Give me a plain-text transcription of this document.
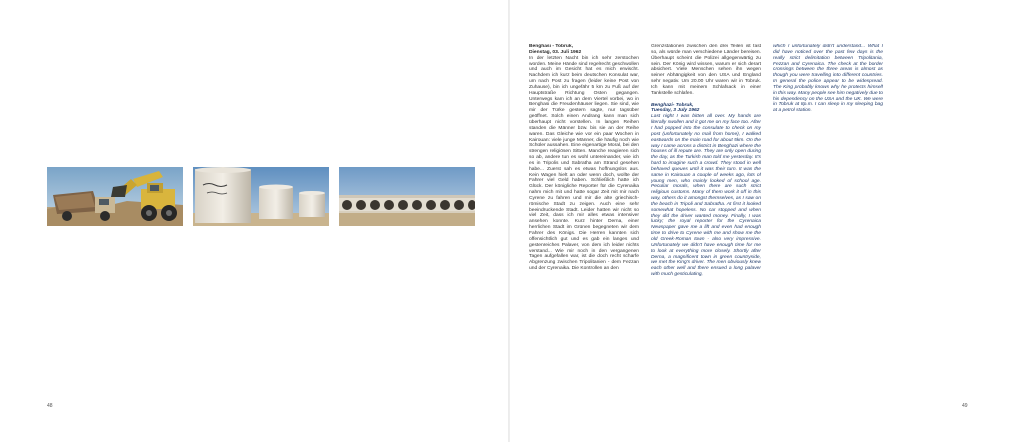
Benghasi - Tobruk,

Dienstag, 03. Juli 1962

In der letzten Nacht bin ich sehr zerstochen worden. Meine Hände sind regelrecht geschwollen und auch im Gesicht hat es mich erwischt. Nachdem ich kurz beim deutschen Konsulat war, um nach Post zu fragen (leider keine Post von Zuhause), bin ich ungefähr 5 km zu Fuß auf der Hauptstraße Richtung Osten gegangen. Unterwegs kam ich an dem Viertel vorbei, wo in Benghasi die Freudenhäuser liegen. Sie sind, wie mir der Türke gestern sagte, nur tagsüber geöffnet. Solch einen Andrang kann man sich überhaupt nicht vorstellen. In langen Reihen standen die Männer bzw. bis sie an der Reihe waren. Das Gleiche wie vor ein paar Wochen in Kairouan: viele junge Männer, die häufig noch wie Schüler aussahen. Eine eigenartige Moral, bei den strengen religiösen Sitten. Manche reagieren sich so ab, andere tun es wohl untereinander, wie ich es in Tripolis und Sabratha am Strand gesehen habe... Zuerst sah es etwas hoffnungslos aus. Kein Wagen hielt an oder wenn doch, wollte der Fahrer viel Geld haben. Schließlich hatte ich Glück. Der königliche Reporter für die Cyrenaika nahm mich mit und hatte sogar Zeit mit mir nach Cyrene zu fahren und mir die alte griechisch-römische Stadt zu zeigen. Auch eine sehr beeindruckende Stadt. Leider hatten wir nicht so viel Zeit, dass ich mir alles etwas intensiver ansehen konnte. Kurz hinter Derna, einer herrlichen Stadt im Grünen begegneten wir dem Fahrer des Königs. Die Herren kannten sich offensichtlich gut und es gab ein langes und gestenreiches Palaver, von dem ich leider nichts verstand... Wie mir noch in den vergangenen Tagen aufgefallen war, ist die doch recht scharfe Abgrenzung zwischen Tripolitanien - dem Fezzan und der Cyrenaika. Die Kontrollen an den

Grenzstationen zwischen den drei Teilen ist fast so, als würde man verschiedene Länder bereisen. Überhaupt scheint die Polizei allgegenwärtig zu sein. Der König wird wissen, warum er sich derart absichert. Viele Menschen sehen ihn wegen seiner Abhängigkeit von den USA und England sehr negativ. Um 20.00 Uhr waren wir in Tobruk. Ich kann mit meinem Schlafsack in einer Tankstelle schlafen.

Benghazi- Tobruk,

Tuesday, 3 July 1962

Last night I was bitten all over. My hands are literally swollen and it got me on my face too. After I had popped into the consulate to check on my post (unfortunately no mail from home), I walked eastwards on the main road for about 5km. On the way I came across a district in Benghazi where the houses of ill repute are. They are only open during the day, as the Turkish man told me yesterday. It's hard to imagine such a crowd. They stood in well behaved queues until it was their turn. It was the same in Kairouan a couple of weeks ago, lots of young men, who mainly looked of school age. Peculiar morals, when there are such strict religious customs. Many of them work it off in this way, others do it amongst themselves, as I saw on the beach in Tripoli and Sabratha. At first it looked somewhat hopeless. No car stopped and when they did the driver wanted money. Finally, I was lucky; the royal reporter for the Cyrenaica Newspaper gave me a lift and even had enough time to drive to Cyrene with me and show me the old Greek-Roman town - also very impressive. Unfortunately we didn't have enough time for me to look at everything more closely. Shortly after Derna, a magnificent town in green countryside, we met the King's driver. The men obviously knew each other well and there ensued a long palaver with much gesticulating,

which I unfortunately didn't understand... What I did have noticed over the past few days is the really strict delimitation between Tripolitania, Fezzan and Cyrenaica. The check at the border crossings between the three areas is almost as though you were travelling into different countries. In general the police appear to be widespread. The King probably knows why he protects himself in this way. Many people see him negatively due to his dependency on the USA and the UK. We were in Tobruk at 8p.m. I can sleep in my sleeping bag at a petrol station.

48	49
